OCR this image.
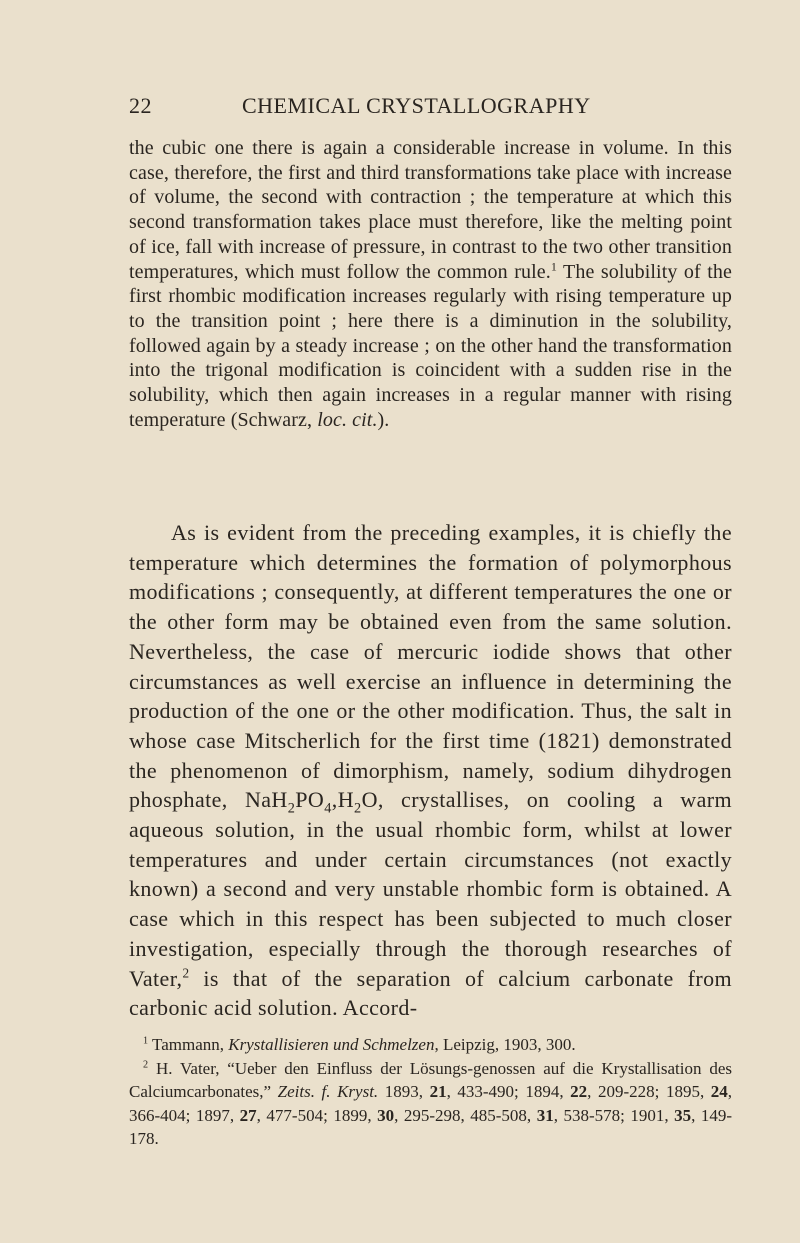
22	CHEMICAL CRYSTALLOGRAPHY

the cubic one there is again a considerable increase in volume. In this case, therefore, the first and third transformations take place with increase of volume, the second with contraction ; the temperature at which this second transformation takes place must therefore, like the melting point of ice, fall with increase of pressure, in contrast to the two other transition temperatures, which must follow the common rule.$^1$ The solubility of the first rhombic modification increases regularly with rising temperature up to the transition point ; here there is a diminution in the solubility, followed again by a steady increase ; on the other hand the transformation into the trigonal modification is coincident with a sudden rise in the solubility, which then again increases in a regular manner with rising temperature (Schwarz, loc. cit.).

As is evident from the preceding examples, it is chiefly the temperature which determines the formation of polymorphous modifications ; consequently, at different temperatures the one or the other form may be obtained even from the same solution. Nevertheless, the case of mercuric iodide shows that other circumstances as well exercise an influence in determining the production of the one or the other modification. Thus, the salt in whose case Mitscherlich for the first time (1821) demonstrated the phenomenon of dimorphism, namely, sodium dihydrogen phosphate, $NaH_2PO_4,H_2O$, crystallises, on cooling a warm aqueous solution, in the usual rhombic form, whilst at lower temperatures and under certain circumstances (not exactly known) a second and very unstable rhombic form is obtained. A case which in this respect has been subjected to much closer investigation, especially through the thorough researches of Vater,$^2$ is that of the separation of calcium carbonate from carbonic acid solution. Accord-

$^1$ Tammann, Krystallisieren und Schmelzen, Leipzig, 1903, 300.

$^2$ H. Vater, “Ueber den Einfluss der Lösungs-genossen auf die Krystallisation des Calciumcarbonates,” Zeits. f. Kryst. 1893, 21, 433-490; 1894, 22, 209-228; 1895, 24, 366-404; 1897, 27, 477-504; 1899, 30, 295-298, 485-508, 31, 538-578; 1901, 35, 149-178.
